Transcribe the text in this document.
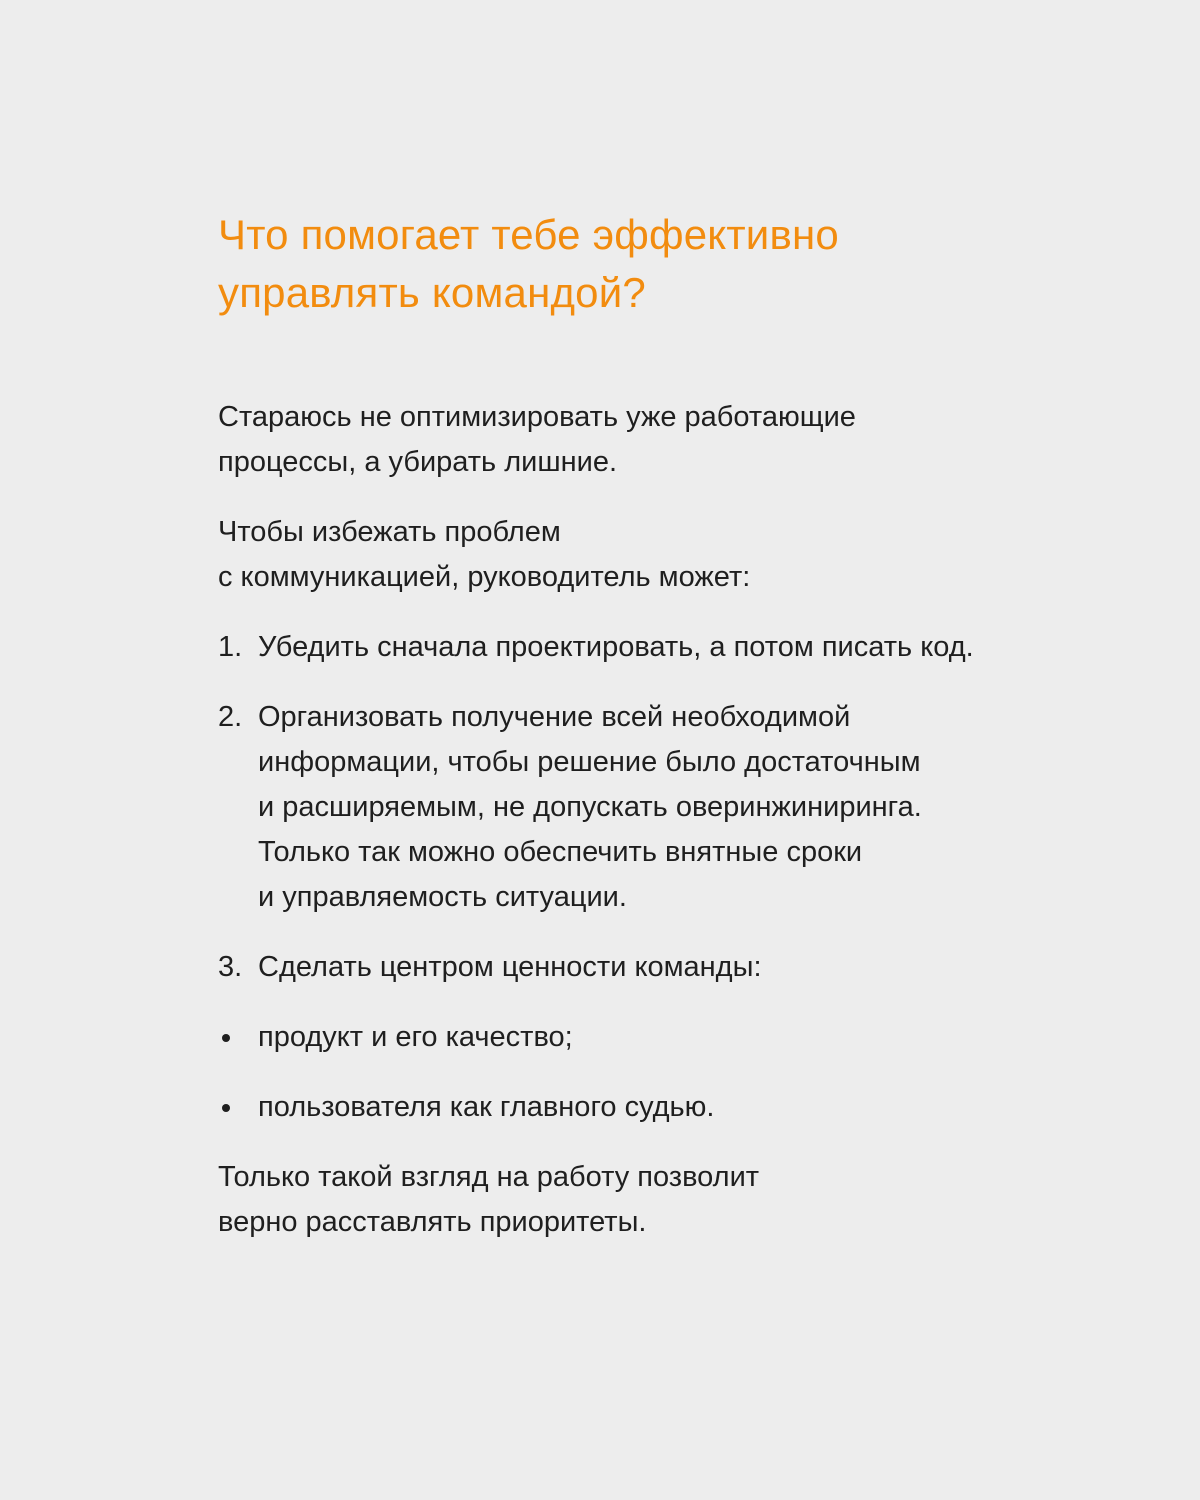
Что помогает тебе эффективно
управлять командой?

Стараюсь не оптимизировать уже работающие
процессы, а убирать лишние.

Чтобы избежать проблем
с коммуникацией, руководитель может:

1. Убедить сначала проектировать, а потом писать код.
2. Организовать получение всей необходимой
информации, чтобы решение было достаточным
и расширяемым, не допускать оверинжиниринга.
Только так можно обеспечить внятные сроки
и управляемость ситуации.
3. Сделать центром ценности команды:
продукт и его качество;
пользователя как главного судью.

Только такой взгляд на работу позволит
верно расставлять приоритеты.
